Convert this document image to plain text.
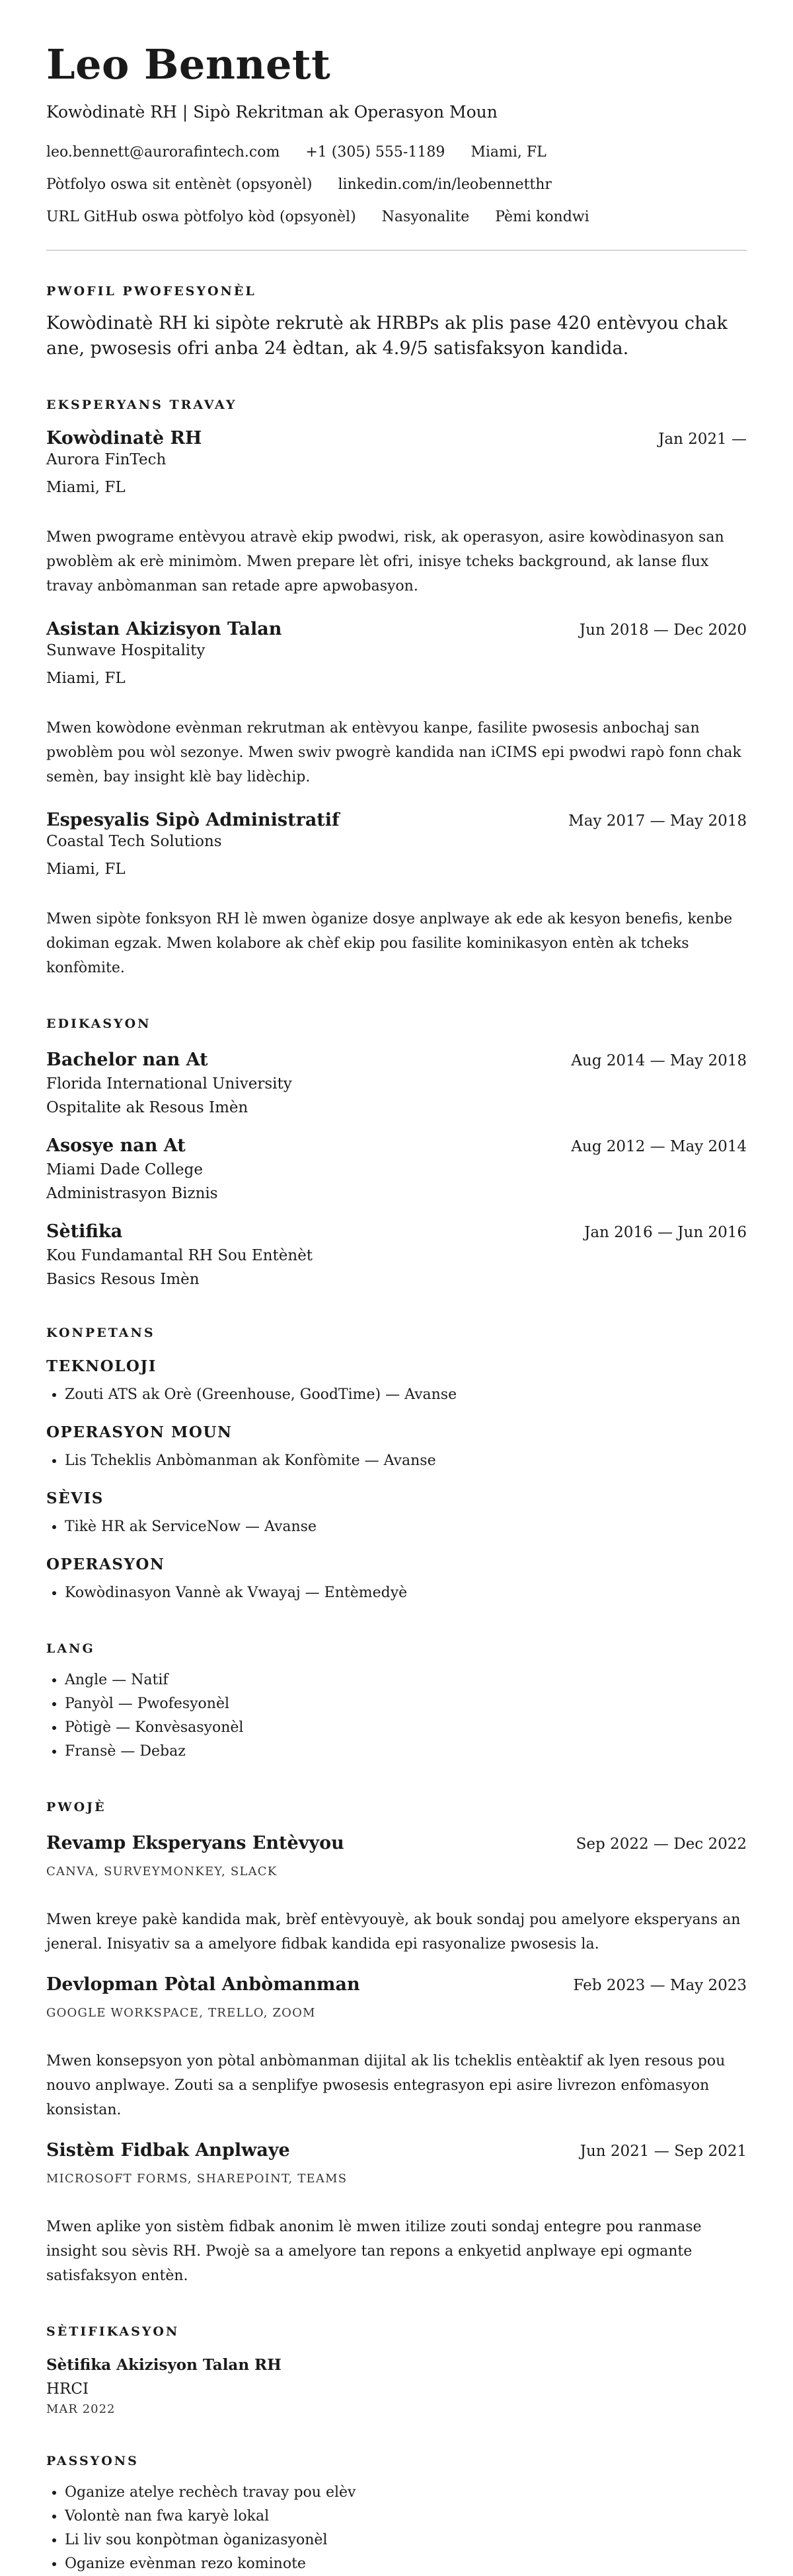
Leo Bennett
Kowòdinatè RH | Sipò Rekritman ak Operasyon Moun
leo.bennett@aurorafintech.com +1 (305) 555-1189 Miami, FL
Pòtfolyo oswa sit entènèt (opsyonèl) linkedin.com/in/leobennetthr
URL GitHub oswa pòtfolyo kòd (opsyonèl) Nasyonalite Pèmi kondwi
PWOFIL PWOFESYONÈL

Kowòdinatè RH ki sipòte rekrutè ak HRBPs ak plis pase 420 entèvyou chak ane, pwosesis ofri anba 24 èdtan, ak 4.9/5 satisfaksyon kandida.

EKSPERYANS TRAVAY
Kowòdinatè RH	Jan 2021 —
Aurora FinTech
Miami, FL
Mwen pwograme entèvyou atravè ekip pwodwi, risk, ak operasyon, asire kowòdinasyon san pwoblèm ak erè minimòm. Mwen prepare lèt ofri, inisye tcheks background, ak lanse flux travay anbòmanman san retade apre apwobasyon.
Asistan Akizisyon Talan	Jun 2018 — Dec 2020
Sunwave Hospitality
Miami, FL
Mwen kowòdone evènman rekrutman ak entèvyou kanpe, fasilite pwosesis anbochaj san pwoblèm pou wòl sezonye. Mwen swiv pwogrè kandida nan iCIMS epi pwodwi rapò fonn chak semèn, bay insight klè bay lidèchip.
Espesyalis Sipò Administratif	May 2017 — May 2018
Coastal Tech Solutions
Miami, FL
Mwen sipòte fonksyon RH lè mwen òganize dosye anplwaye ak ede ak kesyon benefis, kenbe dokiman egzak. Mwen kolabore ak chèf ekip pou fasilite kominikasyon entèn ak tcheks konfòmite.
EDIKASYON
Bachelor nan At	Aug 2014 — May 2018
Florida International University
Ospitalite ak Resous Imèn
Asosye nan At	Aug 2012 — May 2014
Miami Dade College
Administrasyon Biznis
Sètifika	Jan 2016 — Jun 2016
Kou Fundamantal RH Sou Entènèt
Basics Resous Imèn
KONPETANS
TEKNOLOJI
• Zouti ATS ak Orè (Greenhouse, GoodTime) — Avanse
OPERASYON MOUN
• Lis Tcheklis Anbòmanman ak Konfòmite — Avanse
SÈVIS
• Tikè HR ak ServiceNow — Avanse
OPERASYON
• Kowòdinasyon Vannè ak Vwayaj — Entèmedyè
LANG
• Angle — Natif
• Panyòl — Pwofesyonèl
• Pòtigè — Konvèsasyonèl
• Fransè — Debaz
PWOJÈ
Revamp Eksperyans Entèvyou	Sep 2022 — Dec 2022
CANVA, SURVEYMONKEY, SLACK
Mwen kreye pakè kandida mak, brèf entèvyouyè, ak bouk sondaj pou amelyore eksperyans an jeneral. Inisyativ sa a amelyore fidbak kandida epi rasyonalize pwosesis la.
Devlopman Pòtal Anbòmanman	Feb 2023 — May 2023
GOOGLE WORKSPACE, TRELLO, ZOOM
Mwen konsepsyon yon pòtal anbòmanman dijital ak lis tcheklis entèaktif ak lyen resous pou nouvo anplwaye. Zouti sa a senplifye pwosesis entegrasyon epi asire livrezon enfòmasyon konsistan.
Sistèm Fidbak Anplwaye	Jun 2021 — Sep 2021
MICROSOFT FORMS, SHAREPOINT, TEAMS
Mwen aplike yon sistèm fidbak anonim lè mwen itilize zouti sondaj entegre pou ranmase insight sou sèvis RH. Pwojè sa a amelyore tan repons a enkyetid anplwaye epi ogmante satisfaksyon entèn.
SÈTIFIKASYON
Sètifika Akizisyon Talan RH
HRCI
MAR 2022
PASSYONS
• Oganize atelye rechèch travay pou elèv
• Volontè nan fwa karyè lokal
• Li liv sou konpòtman òganizasyonèl
• Oganize evènman rezo kominote
